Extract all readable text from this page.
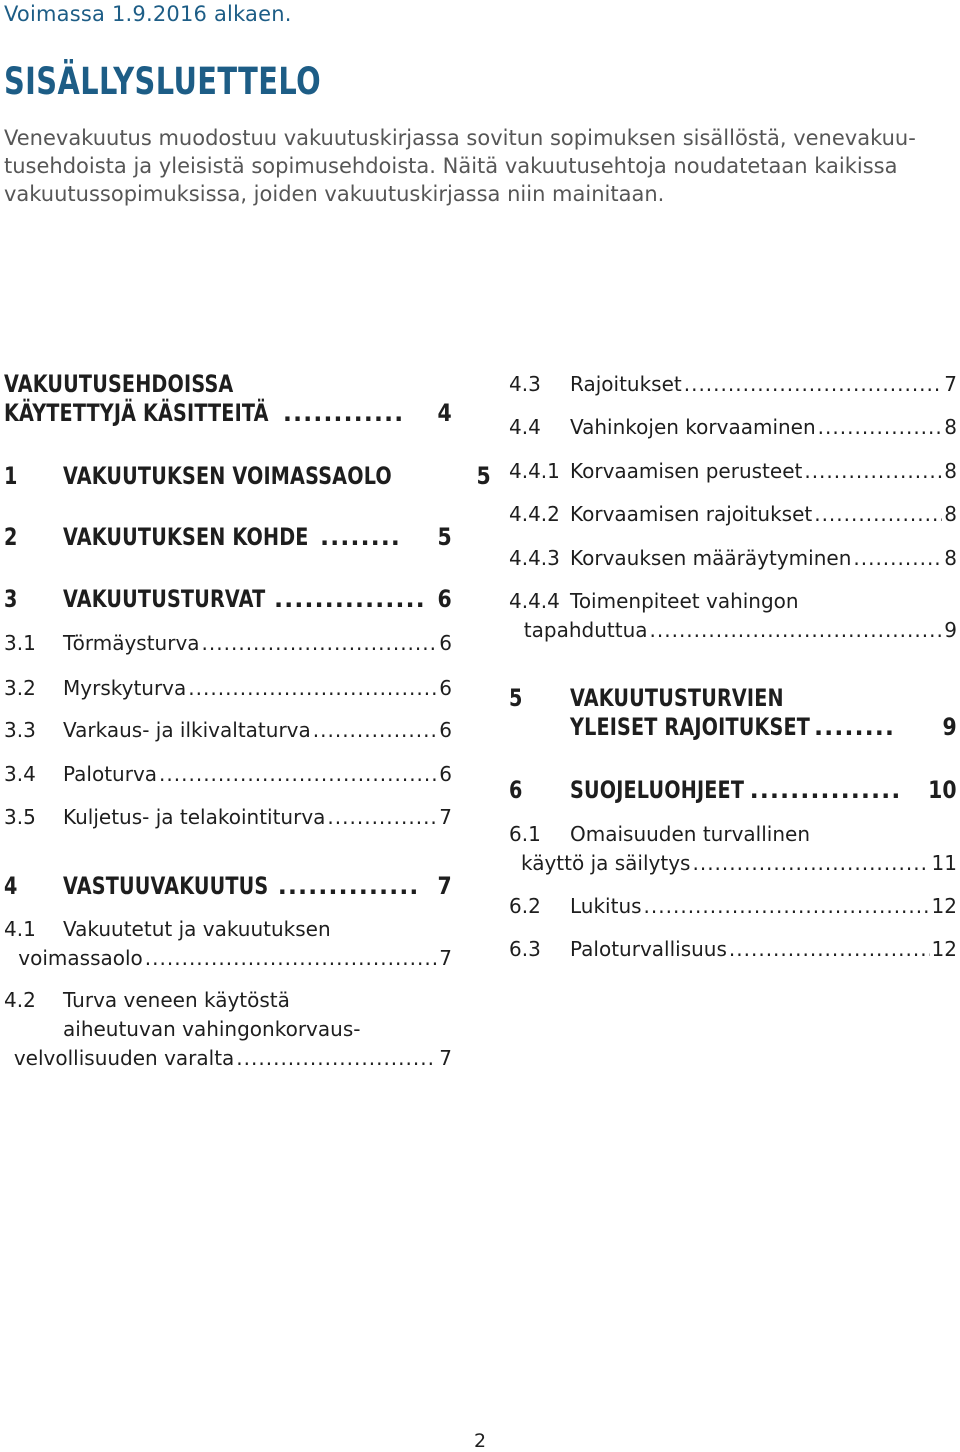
Voimassa 1.9.2016 alkaen.
SISÄLLYSLUETTELO
Venevakuutus muodostuu vakuutuskirjassa sovitun sopimuksen sisällöstä, venevakuu-
tusehdoista ja yleisistä sopimusehdoista. Näitä vakuutusehtoja noudatetaan kaikissa
vakuutussopimuksissa, joiden vakuutuskirjassa niin mainitaan.
VAKUUTUSEHDOISSA
KÄYTETTYJÄ KÄSITTEITÄ .....	4
1	VAKUUTUKSEN VOIMASSAOLO	5
2	VAKUUTUKSEN KOHDE .....	5
3	VAKUUTUSTURVAT .....	6
3.1	Törmäysturva .....	6
3.2	Myrskyturva .....	6
3.3	Varkaus- ja ilkivaltaturva .....	6
3.4	Paloturva .....	6
3.5	Kuljetus- ja telakointiturva .....	7
4	VASTUUVAKUUTUS .....	7
4.1	Vakuutetut ja vakuutuksen
voimassaolo .....	7
4.2	Turva veneen käytöstä
aiheutuvan vahingonkorvaus-
velvollisuuden varalta .....	7
4.3	Rajoitukset .....	7
4.4	Vahinkojen korvaaminen .....	8
4.4.1 Korvaamisen perusteet .....	8
4.4.2 Korvaamisen rajoitukset .....	8
4.4.3 Korvauksen määräytyminen .....	8
4.4.4 Toimenpiteet vahingon
tapahduttua .....	9
5	VAKUUTUSTURVIEN
YLEISET RAJOITUKSET .....	9
6	SUOJELUOHJEET .....	10
6.1	Omaisuuden turvallinen
käyttö ja säilytys .....	11
6.2	Lukitus .....	12
6.3	Paloturvallisuus .....	12
2
